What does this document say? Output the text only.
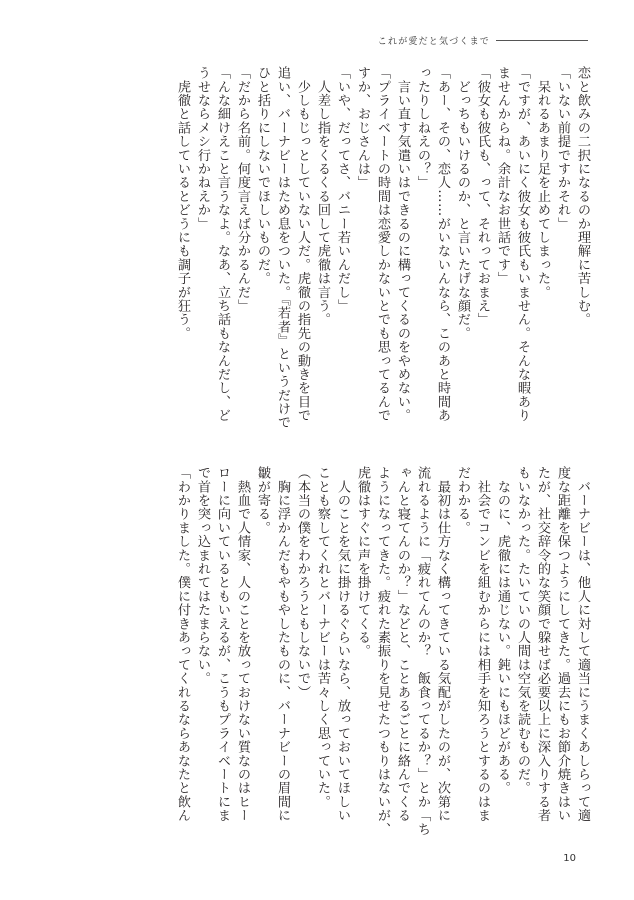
これが愛だと気づくまで
恋と飲みの二択になるのか理解に苦しむ。
「いない前提ですかそれ」
　呆れるあまり足を止めてしまった。
「ですが、あいにく彼女も彼氏もいません。そんな暇あり
ませんからね。余計なお世話です」
「彼女も彼氏も、って、それっておまえ」
　どっちもいけるのか、と言いたげな顔だ。
「あー、その、恋人……がいないんなら、このあと時間あ
ったりしねえの？」
　言い直す気遣いはできるのに構ってくるのをやめない。
「プライベートの時間は恋愛しかないとでも思ってるんで
すか、おじさんは」
「いや、だってさ、バニー若いんだし」
　人差し指をくるくる回して虎徹は言う。
　少しもじっとしていない人だ。虎徹の指先の動きを目で
追い、バーナビーはため息をついた。『若者』というだけで
ひと括りにしないでほしいものだ。
「だから名前。何度言えば分かるんだ」
「んな細けえこと言うなよ。なあ、立ち話もなんだし、ど
うせならメシ行かねえか」
　虎徹と話しているとどうにも調子が狂う。
　バーナビーは、他人に対して適当にうまくあしらって適
度な距離を保つようにしてきた。過去にもお節介焼きはい
たが、社交辞令的な笑顔で躱せば必要以上に深入りする者
もいなかった。たいていの人間は空気を読むものだ。
　なのに、虎徹には通じない。鈍いにもほどがある。
　社会でコンビを組むからには相手を知ろうとするのはま
だわかる。
　最初は仕方なく構ってきている気配がしたのが、次第に
流れるように「疲れてんのか？　飯食ってるか？」とか「ち
ゃんと寝てんのか？」などと、ことあるごとに絡んでくる
ようになってきた。疲れた素振りを見せたつもりはないが、
虎徹はすぐに声を掛けてくる。
　人のことを気に掛けるぐらいなら、放っておいてほしい
ことも察してくれとバーナビーは苦々しく思っていた。
（本当の僕をわかろうともしないで）
　胸に浮かんだもやもやしたものに、バーナビーの眉間に
皺が寄る。
　熱血で人情家、人のことを放っておけない質なのはヒー
ローに向いているともいえるが、こうもプライベートにま
で首を突っ込まれてはたまらない。
「わかりました。僕に付きあってくれるならあなたと飲ん
10
